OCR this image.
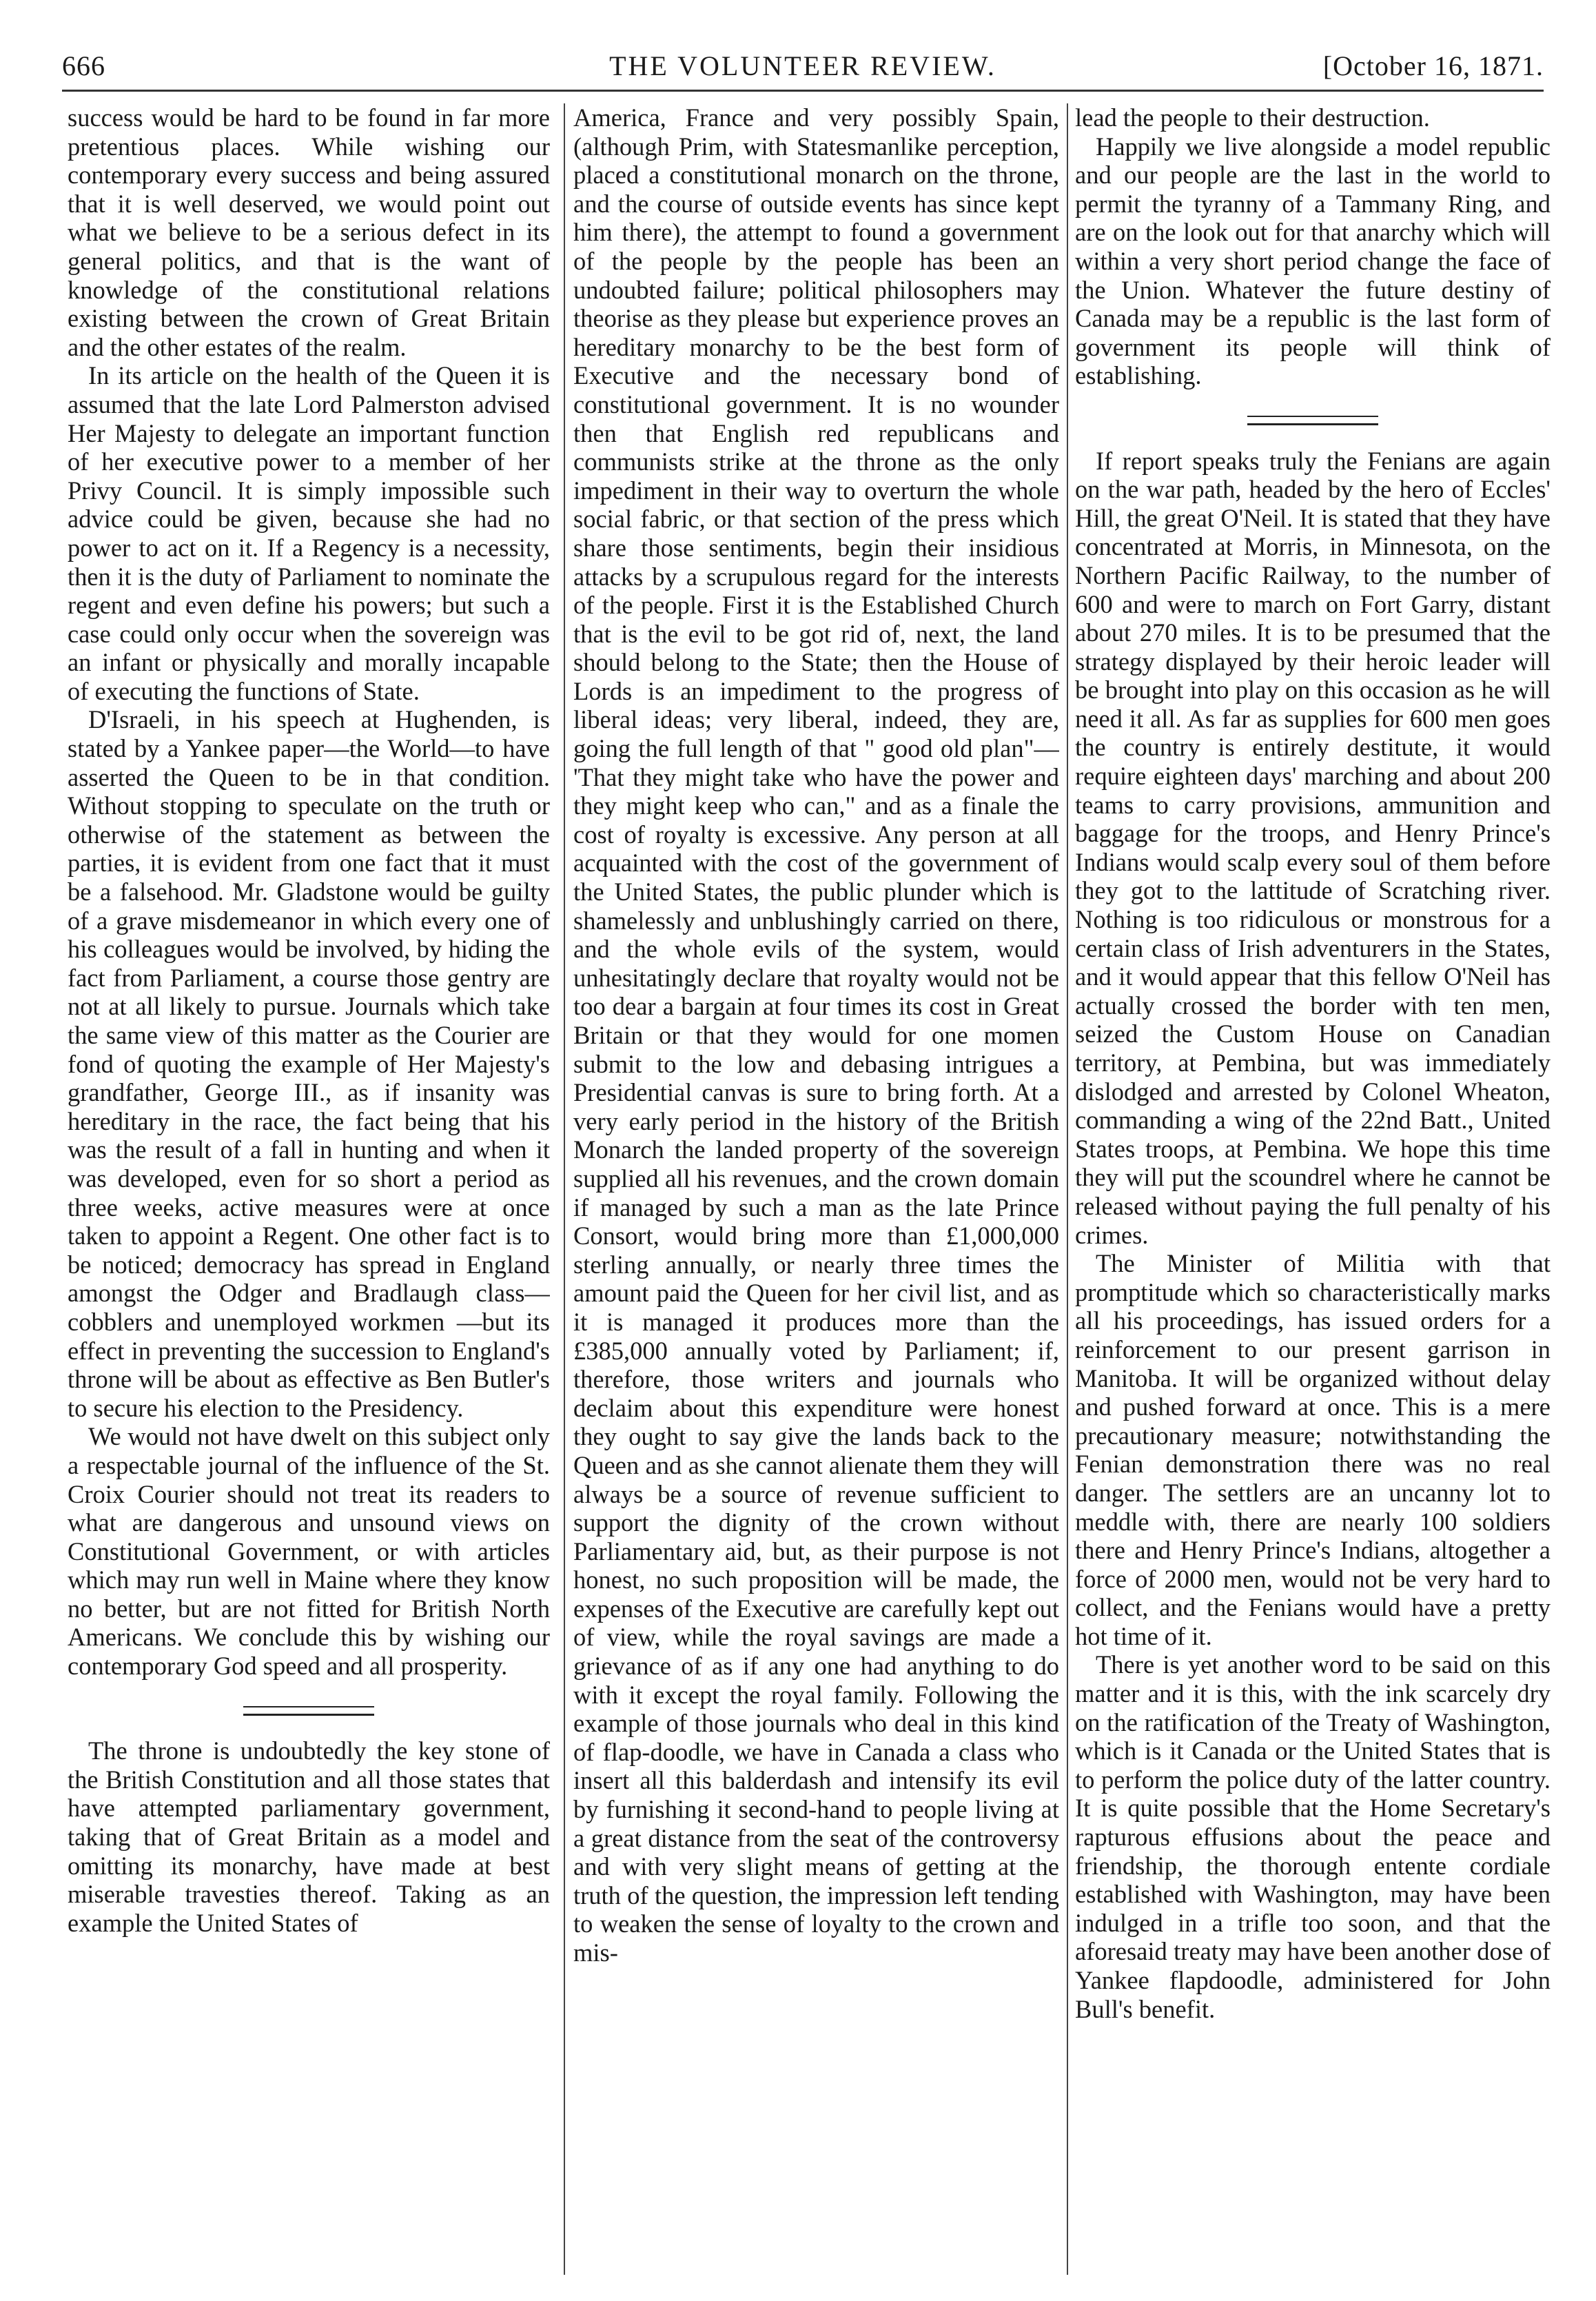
666	THE VOLUNTEER REVIEW.	[October 16, 1871.

success would be hard to be found in far more pretentious places. While wishing our contemporary every success and being assured that it is well deserved, we would point out what we believe to be a serious defect in its general politics, and that is the want of knowledge of the constitutional relations existing between the crown of Great Britain and the other estates of the realm.

In its article on the health of the Queen it is assumed that the late Lord Palmerston advised Her Majesty to delegate an important function of her executive power to a member of her Privy Council. It is simply impossible such advice could be given, because she had no power to act on it. If a Regency is a necessity, then it is the duty of Parliament to nominate the regent and even define his powers; but such a case could only occur when the sovereign was an infant or physically and morally incapable of executing the functions of State.

D'Israeli, in his speech at Hughenden, is stated by a Yankee paper—the World—to have asserted the Queen to be in that condition. Without stopping to speculate on the truth or otherwise of the statement as between the parties, it is evident from one fact that it must be a falsehood. Mr. Gladstone would be guilty of a grave misdemeanor in which every one of his colleagues would be involved, by hiding the fact from Parliament, a course those gentry are not at all likely to pursue. Journals which take the same view of this matter as the Courier are fond of quoting the example of Her Majesty's grandfather, George III., as if insanity was hereditary in the race, the fact being that his was the result of a fall in hunting and when it was developed, even for so short a period as three weeks, active measures were at once taken to appoint a Regent. One other fact is to be noticed; democracy has spread in England amongst the Odger and Bradlaugh class—cobblers and unemployed workmen —but its effect in preventing the succession to England's throne will be about as effective as Ben Butler's to secure his election to the Presidency.

We would not have dwelt on this subject only a respectable journal of the influence of the St. Croix Courier should not treat its readers to what are dangerous and unsound views on Constitutional Government, or with articles which may run well in Maine where they know no better, but are not fitted for British North Americans. We conclude this by wishing our contemporary God speed and all prosperity.

The throne is undoubtedly the key stone of the British Constitution and all those states that have attempted parliamentary government, taking that of Great Britain as a model and omitting its monarchy, have made at best miserable travesties thereof. Taking as an example the United States of

America, France and very possibly Spain, (although Prim, with Statesmanlike perception, placed a constitutional monarch on the throne, and the course of outside events has since kept him there), the attempt to found a government of the people by the people has been an undoubted failure; political philosophers may theorise as they please but experience proves an hereditary monarchy to be the best form of Executive and the necessary bond of constitutional government. It is no wounder then that English red republicans and communists strike at the throne as the only impediment in their way to overturn the whole social fabric, or that section of the press which share those sentiments, begin their insidious attacks by a scrupulous regard for the interests of the people. First it is the Established Church that is the evil to be got rid of, next, the land should belong to the State; then the House of Lords is an impediment to the progress of liberal ideas; very liberal, indeed, they are, going the full length of that " good old plan"— 'That they might take who have the power and they might keep who can," and as a finale the cost of royalty is excessive. Any person at all acquainted with the cost of the government of the United States, the public plunder which is shamelessly and unblushingly carried on there, and the whole evils of the system, would unhesitatingly declare that royalty would not be too dear a bargain at four times its cost in Great Britain or that they would for one momen submit to the low and debasing intrigues a Presidential canvas is sure to bring forth. At a very early period in the history of the British Monarch the landed property of the sovereign supplied all his revenues, and the crown domain if managed by such a man as the late Prince Consort, would bring more than £1,000,000 sterling annually, or nearly three times the amount paid the Queen for her civil list, and as it is managed it produces more than the £385,000 annually voted by Parliament; if, therefore, those writers and journals who declaim about this expenditure were honest they ought to say give the lands back to the Queen and as she cannot alienate them they will always be a source of revenue sufficient to support the dignity of the crown without Parliamentary aid, but, as their purpose is not honest, no such proposition will be made, the expenses of the Executive are carefully kept out of view, while the royal savings are made a grievance of as if any one had anything to do with it except the royal family. Following the example of those journals who deal in this kind of flap-doodle, we have in Canada a class who insert all this balderdash and intensify its evil by furnishing it second-hand to people living at a great distance from the seat of the controversy and with very slight means of getting at the truth of the question, the impression left tending to weaken the sense of loyalty to the crown and mis-

lead the people to their destruction.

Happily we live alongside a model republic and our people are the last in the world to permit the tyranny of a Tammany Ring, and are on the look out for that anarchy which will within a very short period change the face of the Union. Whatever the future destiny of Canada may be a republic is the last form of government its people will think of establishing.

If report speaks truly the Fenians are again on the war path, headed by the hero of Eccles' Hill, the great O'Neil. It is stated that they have concentrated at Morris, in Minnesota, on the Northern Pacific Railway, to the number of 600 and were to march on Fort Garry, distant about 270 miles. It is to be presumed that the strategy displayed by their heroic leader will be brought into play on this occasion as he will need it all. As far as supplies for 600 men goes the country is entirely destitute, it would require eighteen days' marching and about 200 teams to carry provisions, ammunition and baggage for the troops, and Henry Prince's Indians would scalp every soul of them before they got to the lattitude of Scratching river. Nothing is too ridiculous or monstrous for a certain class of Irish adventurers in the States, and it would appear that this fellow O'Neil has actually crossed the border with ten men, seized the Custom House on Canadian territory, at Pembina, but was immediately dislodged and arrested by Colonel Wheaton, commanding a wing of the 22nd Batt., United States troops, at Pembina. We hope this time they will put the scoundrel where he cannot be released without paying the full penalty of his crimes.

The Minister of Militia with that promptitude which so characteristically marks all his proceedings, has issued orders for a reinforcement to our present garrison in Manitoba. It will be organized without delay and pushed forward at once. This is a mere precautionary measure; notwithstanding the Fenian demonstration there was no real danger. The settlers are an uncanny lot to meddle with, there are nearly 100 soldiers there and Henry Prince's Indians, altogether a force of 2000 men, would not be very hard to collect, and the Fenians would have a pretty hot time of it.

There is yet another word to be said on this matter and it is this, with the ink scarcely dry on the ratification of the Treaty of Washington, which is it Canada or the United States that is to perform the police duty of the latter country. It is quite possible that the Home Secretary's rapturous effusions about the peace and friendship, the thorough entente cordiale established with Washington, may have been indulged in a trifle too soon, and that the aforesaid treaty may have been another dose of Yankee flapdoodle, administered for John Bull's benefit.
